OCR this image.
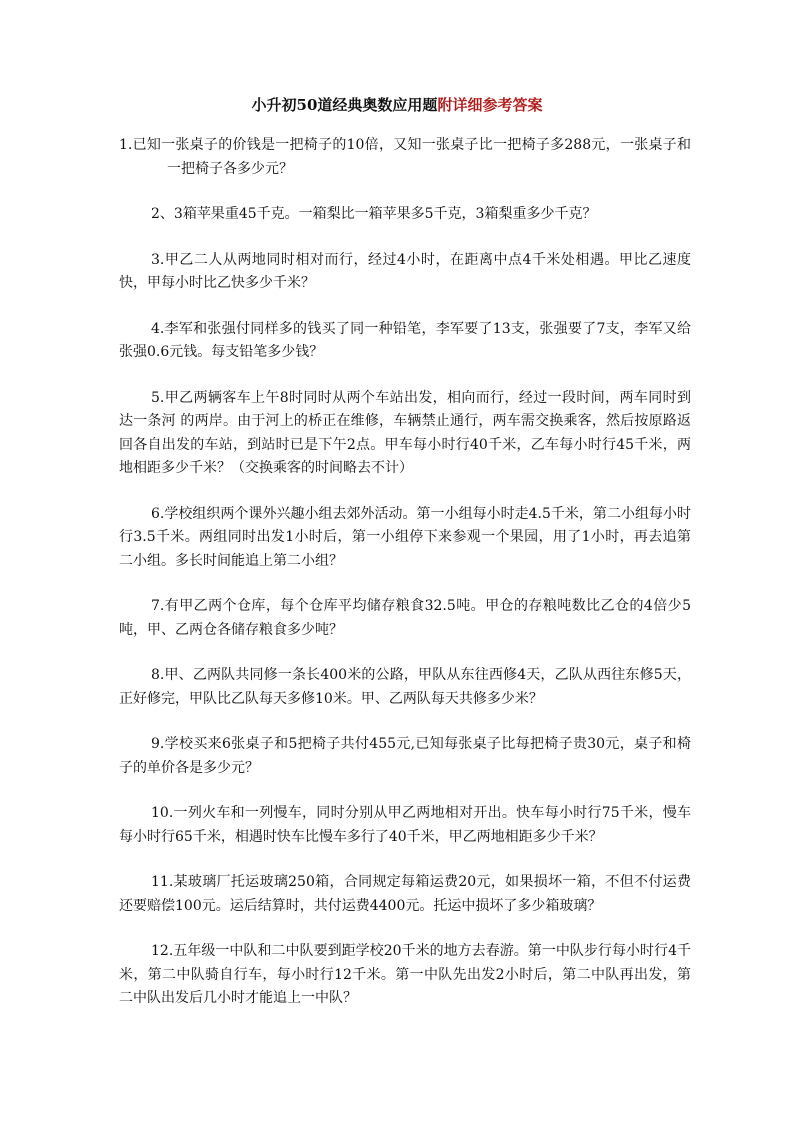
小升初50道经典奥数应用题附详细参考答案

1.已知一张桌子的价钱是一把椅子的10倍，又知一张桌子比一把椅子多288元，一张桌子和一把椅子各多少元？

2、3箱苹果重45千克。一箱梨比一箱苹果多5千克，3箱梨重多少千克？

3.甲乙二人从两地同时相对而行，经过4小时，在距离中点4千米处相遇。甲比乙速度快，甲每小时比乙快多少千米？

4.李军和张强付同样多的钱买了同一种铅笔，李军要了13支，张强要了7支，李军又给张强0.6元钱。每支铅笔多少钱？

5.甲乙两辆客车上午8时同时从两个车站出发，相向而行，经过一段时间，两车同时到达一条河 的两岸。由于河上的桥正在维修，车辆禁止通行，两车需交换乘客，然后按原路返回各自出发的车站，到站时已是下午2点。甲车每小时行40千米，乙车每小时行45千米，两地相距多少千米？（交换乘客的时间略去不计）

6.学校组织两个课外兴趣小组去郊外活动。第一小组每小时走4.5千米，第二小组每小时行3.5千米。两组同时出发1小时后，第一小组停下来参观一个果园，用了1小时，再去追第二小组。多长时间能追上第二小组？

7.有甲乙两个仓库，每个仓库平均储存粮食32.5吨。甲仓的存粮吨数比乙仓的4倍少5吨，甲、乙两仓各储存粮食多少吨？

8.甲、乙两队共同修一条长400米的公路，甲队从东往西修4天，乙队从西往东修5天，正好修完，甲队比乙队每天多修10米。甲、乙两队每天共修多少米？

9.学校买来6张桌子和5把椅子共付455元,已知每张桌子比每把椅子贵30元，桌子和椅子的单价各是多少元？

10.一列火车和一列慢车，同时分别从甲乙两地相对开出。快车每小时行75千米，慢车每小时行65千米，相遇时快车比慢车多行了40千米，甲乙两地相距多少千米？

11.某玻璃厂托运玻璃250箱，合同规定每箱运费20元，如果损坏一箱，不但不付运费还要赔偿100元。运后结算时，共付运费4400元。托运中损坏了多少箱玻璃？

12.五年级一中队和二中队要到距学校20千米的地方去春游。第一中队步行每小时行4千米，第二中队骑自行车，每小时行12千米。第一中队先出发2小时后，第二中队再出发，第二中队出发后几小时才能追上一中队？
